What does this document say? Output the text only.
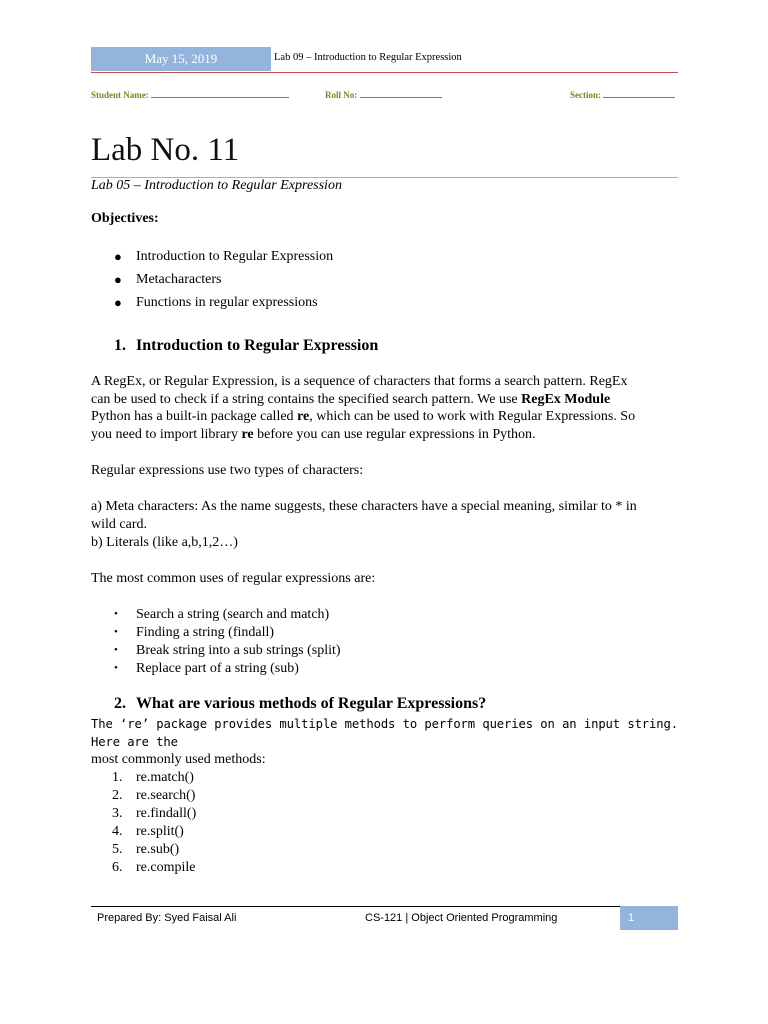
May 15, 2019	Lab 09 – Introduction to Regular Expression
Student Name:	Roll No:	Section:
Lab No. 11
Lab 05 – Introduction to Regular Expression
Objectives:
● Introduction to Regular Expression
● Metacharacters
● Functions in regular expressions
1. Introduction to Regular Expression
A RegEx, or Regular Expression, is a sequence of characters that forms a search pattern. RegEx
can be used to check if a string contains the specified search pattern. We use RegEx Module
Python has a built-in package called re, which can be used to work with Regular Expressions. So
you need to import library re before you can use regular expressions in Python.
Regular expressions use two types of characters:
a) Meta characters: As the name suggests, these characters have a special meaning, similar to * in
wild card.
b) Literals (like a,b,1,2…)
The most common uses of regular expressions are:
• Search a string (search and match)
• Finding a string (findall)
• Break string into a sub strings (split)
• Replace part of a string (sub)
2. What are various methods of Regular Expressions?
The ‘re’ package provides multiple methods to perform queries on an input string. Here are the
most commonly used methods:
1. re.match()
2. re.search()
3. re.findall()
4. re.split()
5. re.sub()
6. re.compile
Prepared By: Syed Faisal Ali	CS-121 | Object Oriented Programming	1
